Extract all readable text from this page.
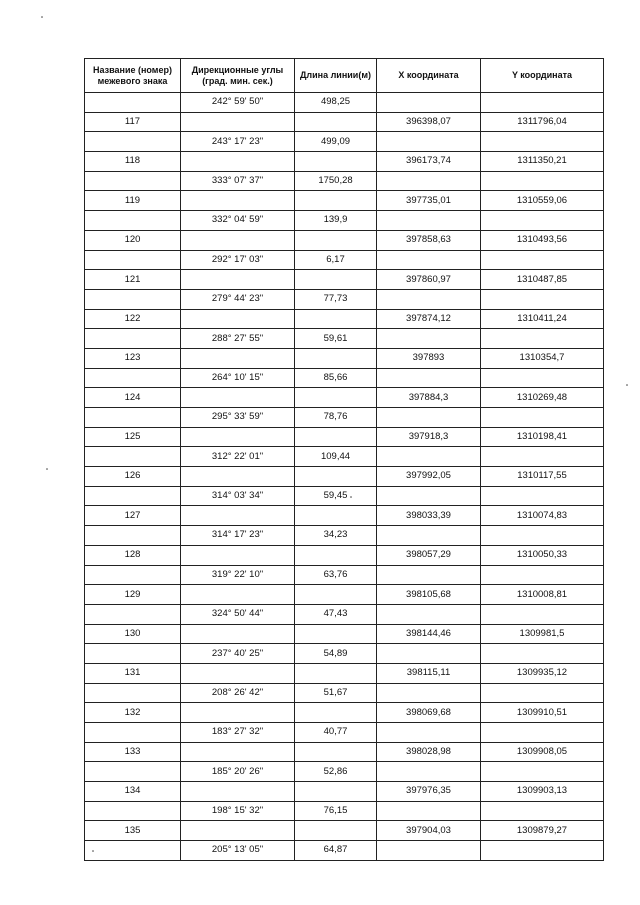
Название (номер) межевого знака	Дирекционные углы (град. мин. сек.)	Длина линии(м)	X координата	Y координата
	242° 59' 50"	498,25		
117			396398,07	1311796,04
	243° 17' 23"	499,09		
118			396173,74	1311350,21
	333° 07' 37"	1750,28		
119			397735,01	1310559,06
	332° 04' 59"	139,9		
120			397858,63	1310493,56
	292° 17' 03"	6,17		
121			397860,97	1310487,85
	279° 44' 23"	77,73		
122			397874,12	1310411,24
	288° 27' 55"	59,61		
123			397893	1310354,7
	264° 10' 15"	85,66		
124			397884,3	1310269,48
	295° 33' 59"	78,76		
125			397918,3	1310198,41
	312° 22' 01"	109,44		
126			397992,05	1310117,55
	314° 03' 34"	59,45		
127			398033,39	1310074,83
	314° 17' 23"	34,23		
128			398057,29	1310050,33
	319° 22' 10"	63,76		
129			398105,68	1310008,81
	324° 50' 44"	47,43		
130			398144,46	1309981,5
	237° 40' 25"	54,89		
131			398115,11	1309935,12
	208° 26' 42"	51,67		
132			398069,68	1309910,51
	183° 27' 32"	40,77		
133			398028,98	1309908,05
	185° 20' 26"	52,86		
134			397976,35	1309903,13
	198° 15' 32"	76,15		
135			397904,03	1309879,27
	205° 13' 05"	64,87		
